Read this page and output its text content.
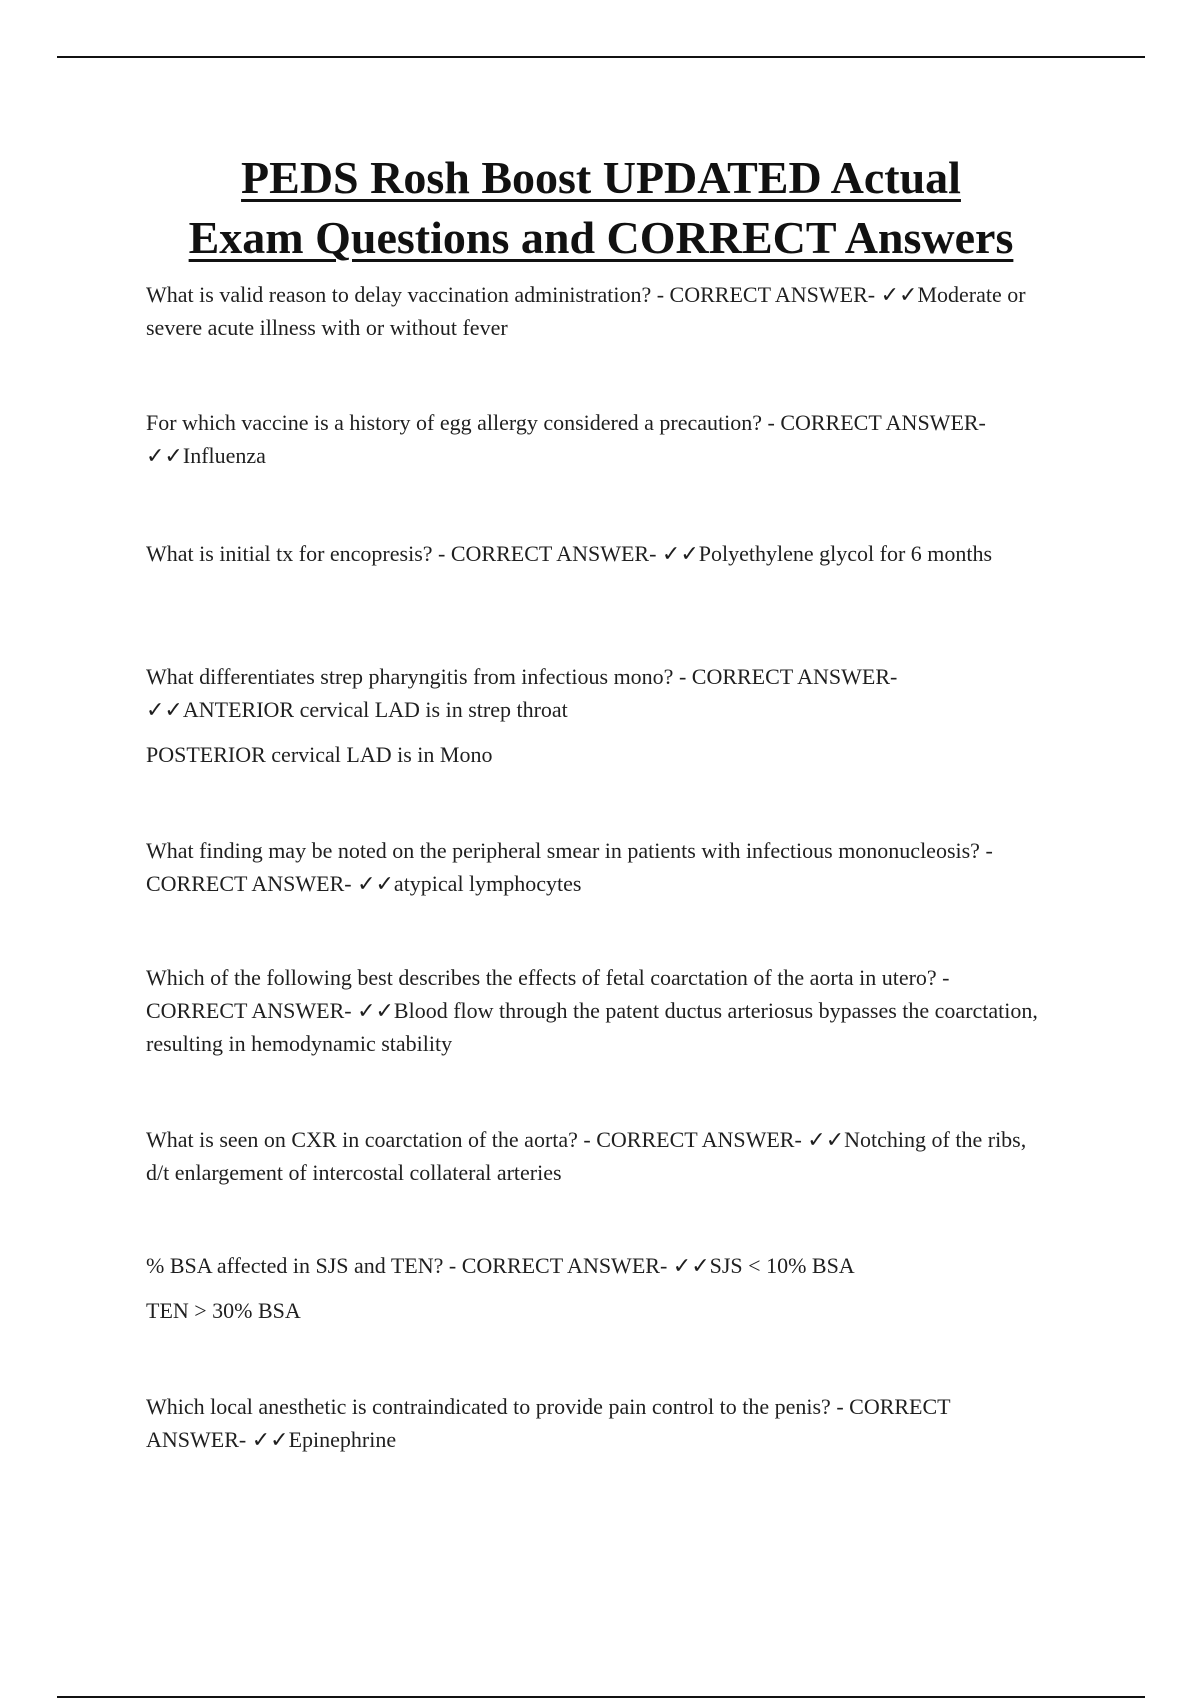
PEDS Rosh Boost UPDATED Actual
Exam Questions and CORRECT Answers

What is valid reason to delay vaccination administration? - CORRECT ANSWER- ✓✓Moderate or severe acute illness with or without fever

For which vaccine is a history of egg allergy considered a precaution? - CORRECT ANSWER- ✓✓Influenza

What is initial tx for encopresis? - CORRECT ANSWER- ✓✓Polyethylene glycol for 6 months

What differentiates strep pharyngitis from infectious mono? - CORRECT ANSWER- ✓✓ANTERIOR cervical LAD is in strep throat

POSTERIOR cervical LAD is in Mono

What finding may be noted on the peripheral smear in patients with infectious mononucleosis? - CORRECT ANSWER- ✓✓atypical lymphocytes

Which of the following best describes the effects of fetal coarctation of the aorta in utero? - CORRECT ANSWER- ✓✓Blood flow through the patent ductus arteriosus bypasses the coarctation, resulting in hemodynamic stability

What is seen on CXR in coarctation of the aorta? - CORRECT ANSWER- ✓✓Notching of the ribs, d/t enlargement of intercostal collateral arteries

% BSA affected in SJS and TEN? - CORRECT ANSWER- ✓✓SJS < 10% BSA

TEN > 30% BSA

Which local anesthetic is contraindicated to provide pain control to the penis? - CORRECT ANSWER- ✓✓Epinephrine
